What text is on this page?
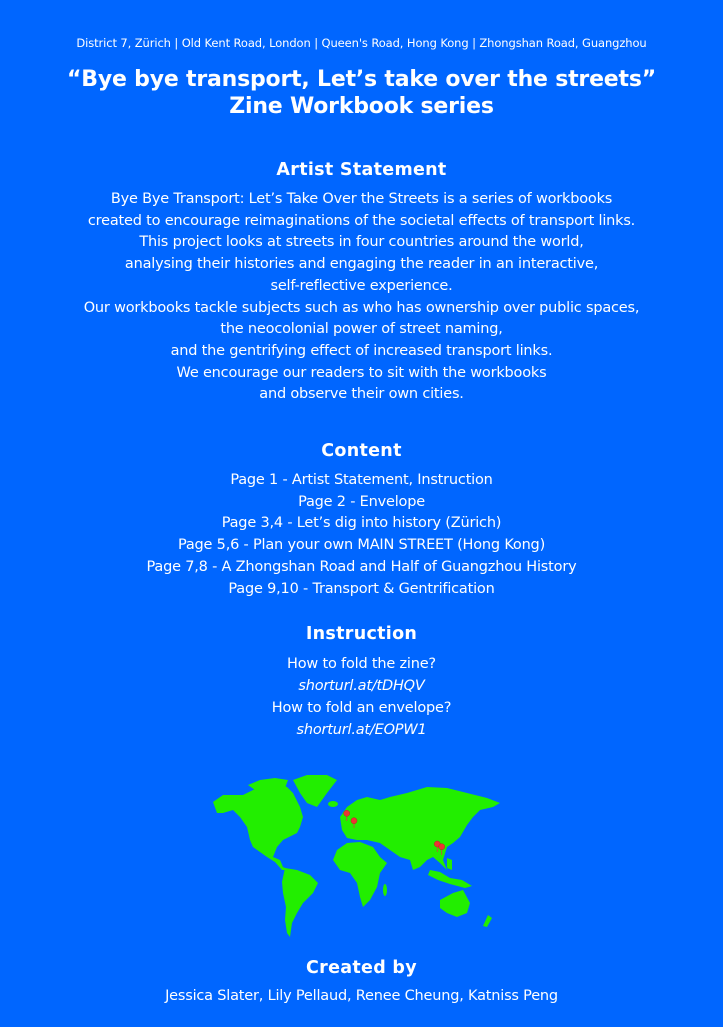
District 7, Zürich | Old Kent Road, London | Queen's Road, Hong Kong | Zhongshan Road, Guangzhou
“Bye bye transport, Let’s take over the streets”
Zine Workbook series
Artist Statement
Bye Bye Transport: Let’s Take Over the Streets is a series of workbooks
created to encourage reimaginations of the societal effects of transport links.
This project looks at streets in four countries around the world,
analysing their histories and engaging the reader in an interactive,
self-reflective experience.
Our workbooks tackle subjects such as who has ownership over public spaces,
the neocolonial power of street naming,
and the gentrifying effect of increased transport links.
We encourage our readers to sit with the workbooks
and observe their own cities.
Content
Page 1 - Artist Statement, Instruction
Page 2 - Envelope
Page 3,4 - Let’s dig into history (Zürich)
Page 5,6 - Plan your own MAIN STREET (Hong Kong)
Page 7,8 - A Zhongshan Road and Half of Guangzhou History
Page 9,10 - Transport & Gentrification
Instruction
How to fold the zine?
shorturl.at/tDHQV
How to fold an envelope?
shorturl.at/EOPW1
Created by
Jessica Slater, Lily Pellaud, Renee Cheung, Katniss Peng
